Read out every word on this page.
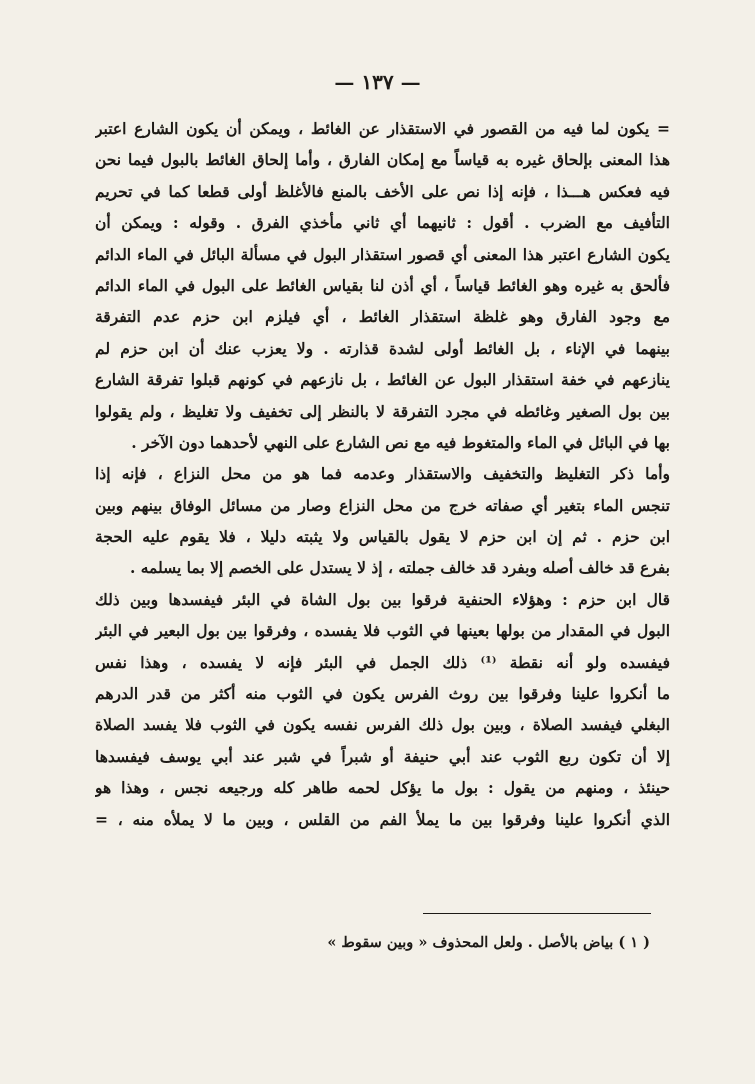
— ١٣٧ —
= يكون لما فيه من القصور في الاستقذار عن الغائط ، ويمكن أن يكون الشارع اعتبر
هذا المعنى بإلحاق غيره به قياساً مع إمكان الفارق ، وأما إلحاق الغائط بالبول فيما نحن
فيه فعكس هـــذا ، فإنه إذا نص على الأخف بالمنع فالأغلظ أولى قطعا كما في تحريم
التأفيف مع الضرب . أقول : ثانيهما أي ثاني مأخذي الفرق . وقوله : ويمكن أن
يكون الشارع اعتبر هذا المعنى أي قصور استقذار البول في مسألة البائل في الماء الدائم
فألحق به غيره وهو الغائط قياساً ، أي أذن لنا بقياس الغائط على البول في الماء الدائم
مع وجود الفارق وهو غلظة استقذار الغائط ، أي فيلزم ابن حزم عدم التفرقة
بينهما في الإناء ، بل الغائط أولى لشدة قذارته . ولا يعزب عنك أن ابن حزم لم
ينازعهم في خفة استقذار البول عن الغائط ، بل نازعهم في كونهم قبلوا تفرقة الشارع
بين بول الصغير وغائطه في مجرد التفرقة لا بالنظر إلى تخفيف ولا تغليظ ، ولم يقولوا
بها في البائل في الماء والمتغوط فيه مع نص الشارع على النهي لأحدهما دون الآخر .
وأما ذكر التغليظ والتخفيف والاستقذار وعدمه فما هو من محل النزاع ، فإنه إذا
تنجس الماء بتغير أي صفاته خرج من محل النزاع وصار من مسائل الوفاق بينهم وبين
ابن حزم . ثم إن ابن حزم لا يقول بالقياس ولا يثبته دليلا ، فلا يقوم عليه الحجة
بفرع قد خالف أصله وبفرد قد خالف جملته ، إذ لا يستدل على الخصم إلا بما يسلمه .
قال ابن حزم : وهؤلاء الحنفية فرقوا بين بول الشاة في البئر فيفسدها وبين ذلك
البول في المقدار من بولها بعينها في الثوب فلا يفسده ، وفرقوا بين بول البعير في البئر
فيفسده ولو أنه نقطة ⁽¹⁾ ذلك الجمل في البئر فإنه لا يفسده ، وهذا نفس
ما أنكروا علينا وفرقوا بين روث الفرس يكون في الثوب منه أكثر من قدر الدرهم
البغلي فيفسد الصلاة ، وبين بول ذلك الفرس نفسه يكون في الثوب فلا يفسد الصلاة
إلا أن تكون ربع الثوب عند أبي حنيفة أو شبراً في شبر عند أبي يوسف فيفسدها
حينئذ ، ومنهم من يقول : بول ما يؤكل لحمه طاهر كله ورجيعه نجس ، وهذا هو
الذي أنكروا علينا وفرقوا بين ما يملأ الفم من القلس ، وبين ما لا يملأه منه ، =
( ١ ) بياض بالأصل . ولعل المحذوف « وبين سقوط »
